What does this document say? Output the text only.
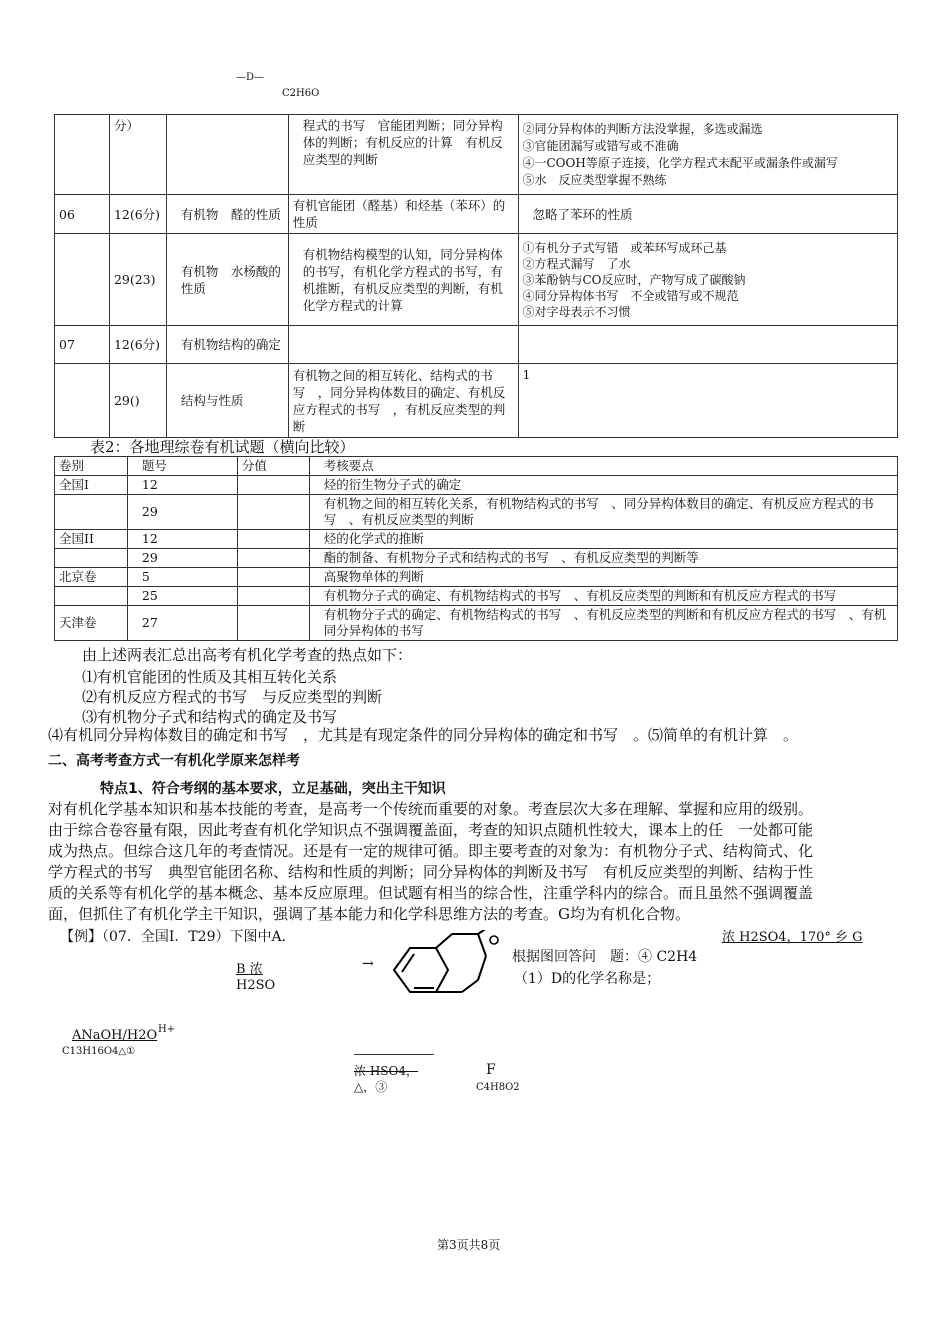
—D—
C2H6O
	分）		程式的书写　官能团判断；同分异构体的判断；有机反应的计算　有机反应类型的判断	②同分异构体的判断方法没掌握，多选或漏选
③官能团漏写或错写或不准确
④一COOH等原子连接，化学方程式未配平或漏条件或漏写
⑤水　反应类型掌握不熟练
06	12(6分)	有机物　醛的性质	有机官能团（醛基）和烃基（苯环）的性质	忽略了苯环的性质
	29(23)	有机物　水杨酸的性质	有机物结构模型的认知，同分异构体的书写，有机化学方程式的书写，有机推断，有机反应类型的判断，有机化学方程式的计算	①有机分子式写错　或苯环写成环己基
②方程式漏写　了水
③苯酚钠与CO反应时，产物写成了碳酸钠
④同分异构体书写　不全或错写或不规范
⑤对字母表示不习惯
07	12(6分)	有机物结构的确定		
	29()	结构与性质	有机物之间的相互转化、结构式的书写　，同分异构体数目的确定、有机反应方程式的书写　，有机反应类型的判断	1
表2：各地理综卷有机试题（横向比较）
卷别	题号	分值	考核要点
全国I	12		烃的衍生物分子式的确定
	29		有机物之间的相互转化关系，有机物结构式的书写　、同分异构体数目的确定、有机反应方程式的书写　、有机反应类型的判断
全国II	12		烃的化学式的推断
	29		酯的制备、有机物分子式和结构式的书写　、有机反应类型的判断等
北京卷	5		高聚物单体的判断
	25		有机物分子式的确定、有机物结构式的书写　、有机反应类型的判断和有机反应方程式的书写
天津卷	27		有机物分子式的确定、有机物结构式的书写　、有机反应类型的判断和有机反应方程式的书写　、有机同分异构体的书写
由上述两表汇总出高考有机化学考查的热点如下：
⑴有机官能团的性质及其相互转化关系
⑵有机反应方程式的书写　与反应类型的判断
⑶有机物分子式和结构式的确定及书写
⑷有机同分异构体数目的确定和书写　，尤其是有现定条件的同分异构体的确定和书写　。⑸简单的有机计算　。
二、高考考查方式一有机化学原来怎样考
特点1、符合考纲的基本要求，立足基础，突出主干知识
对有机化学基本知识和基本技能的考查，是高考一个传统而重要的对象。考查层次大多在理解、掌握和应用的级别。
由于综合卷容量有限，因此考查有机化学知识点不强调覆盖面，考查的知识点随机性较大，课本上的任　一处都可能
成为热点。但综合这几年的考查情况。还是有一定的规律可循。即主要考查的对象为：有机物分子式、结构简式、化
学方程式的书写　典型官能团名称、结构和性质的判断；同分异构体的判断及书写　有机反应类型的判断、结构于性
质的关系等有机化学的基本概念、基本反应原理。但试题有相当的综合性，注重学科内的综合。而且虽然不强调覆盖
面，但抓住了有机化学主干知识，强调了基本能力和化学科思维方法的考查。G均为有机化合物。
【例】（07．全国I．T29）下图中A．	浓 H2SO4，170° 乡 G
根据图回答问　题：④ C2H4
（1）D的化学名称是；
B 浓
H2SO
→
ANaOH/H2O H+
C13H16O4△①
浓 HSO4，
△，③
F
C4H8O2
第3页共8页
